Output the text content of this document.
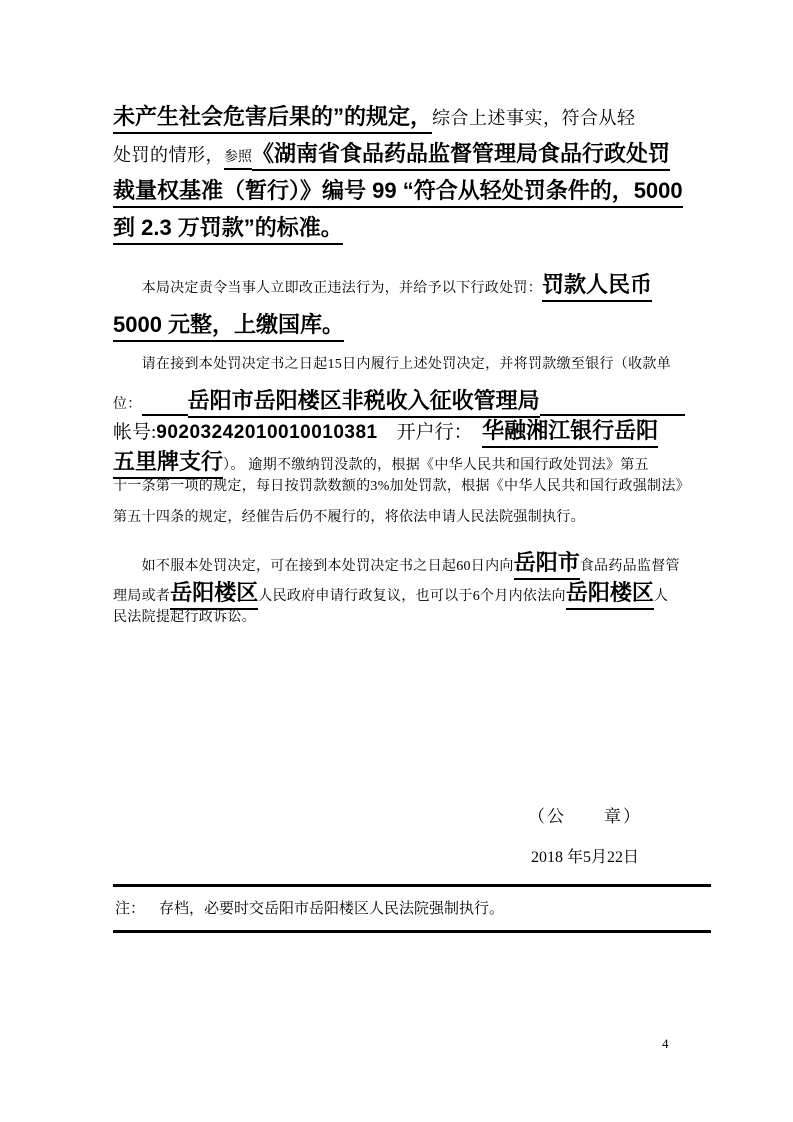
未产生社会危害后果的”的规定， 综合上述事实，符合从轻
处罚的情形， 参照 《湖南省食品药品监督管理局食品行政处罚
裁量权基准（暂行）》编号 99 “符合从轻处罚条件的，5000
到 2.3 万罚款”的标准。
　　本局决定责令当事人立即改正违法行为，并给予以下行政处罚： 罚款人民币
5000 元整，上缴国库。
　　请在接到本处罚决定书之日起15日内履行上述处罚决定，并将罚款缴至银行（收款单
位：
岳阳市岳阳楼区非税收入征收管理局

帐号: 90203242010010010381 　开户行：　 华融湘江银行岳阳
五里牌支行 ）。 逾期不缴纳罚没款的，根据《中华人民共和国行政处罚法》第五
十一条第一项的规定，每日按罚款数额的3%加处罚款，根据《中华人民共和国行政强制法》
第五十四条的规定，经催告后仍不履行的，将依法申请人民法院强制执行。
　　如不服本处罚决定，可在接到本处罚决定书之日起60日内向 岳阳市 食品药品监督管
理局或者 岳阳楼区 人民政府申请行政复议，也可以于6个月内依法向 岳阳楼区 人
民法院提起行政诉讼。
（公　　章）
2018 年5月22日
注： 存档，必要时交岳阳市岳阳楼区人民法院强制执行。
4
